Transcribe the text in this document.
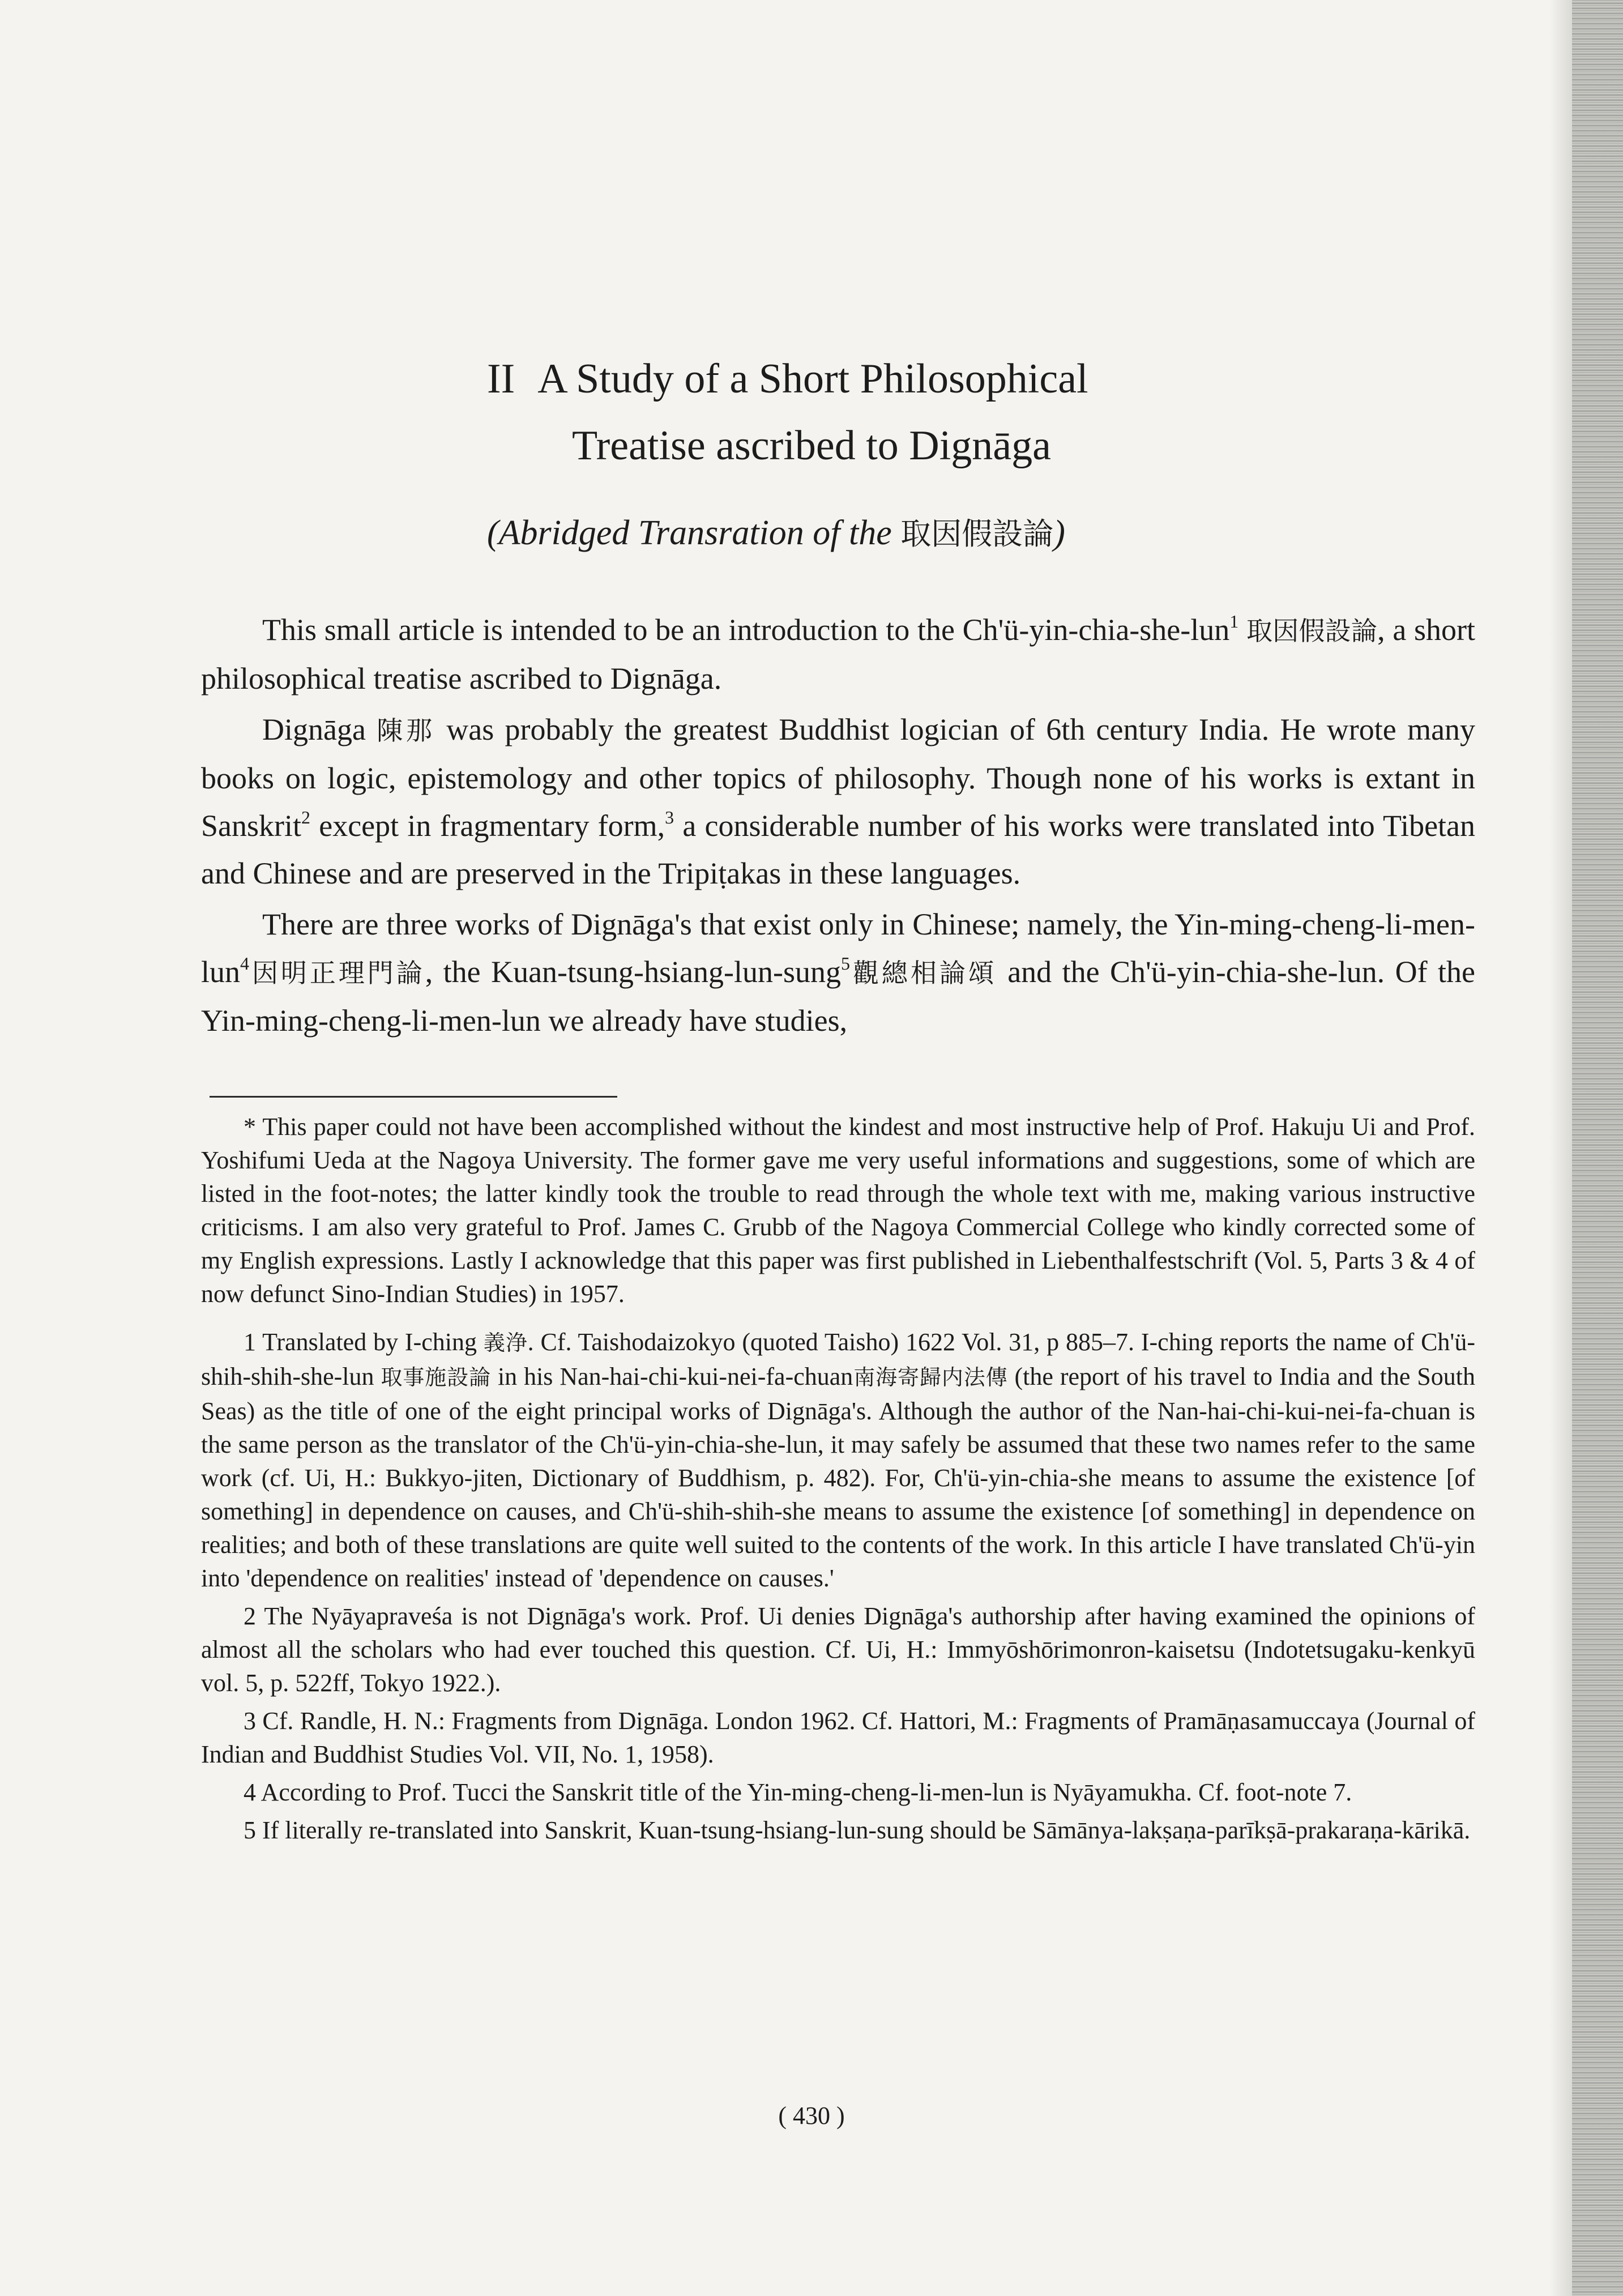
II A Study of a Short Philosophical
Treatise ascribed to Dignāga
(Abridged Transration of the 取因假設論)

This small article is intended to be an introduction to the Ch'ü-yin-chia-she-lun$^1$ 取因假設論, a short philosophical treatise ascribed to Dignāga.

Dignāga 陳那 was probably the greatest Buddhist logician of 6th century India. He wrote many books on logic, epistemology and other topics of philosophy. Though none of his works is extant in Sanskrit$^2$ except in fragmentary form,$^3$ a considerable number of his works were translated into Tibetan and Chinese and are preserved in the Tripiṭakas in these languages.

There are three works of Dignāga's that exist only in Chinese; namely, the Yin-ming-cheng-li-men-lun$^4$因明正理門論, the Kuan-tsung-hsiang-lun-sung$^5$觀總相論頌 and the Ch'ü-yin-chia-she-lun. Of the Yin-ming-cheng-li-men-lun we already have studies,

* This paper could not have been accomplished without the kindest and most instructive help of Prof. Hakuju Ui and Prof. Yoshifumi Ueda at the Nagoya University. The former gave me very useful informations and suggestions, some of which are listed in the foot-notes; the latter kindly took the trouble to read through the whole text with me, making various instructive criticisms. I am also very grateful to Prof. James C. Grubb of the Nagoya Commercial College who kindly corrected some of my English expressions. Lastly I acknowledge that this paper was first published in Liebenthalfestschrift (Vol. 5, Parts 3 & 4 of now defunct Sino-Indian Studies) in 1957.

1 Translated by I-ching 義浄. Cf. Taishodaizokyo (quoted Taisho) 1622 Vol. 31, p 885–7. I-ching reports the name of Ch'ü-shih-shih-she-lun 取事施設論 in his Nan-hai-chi-kui-nei-fa-chuan南海寄歸内法傳 (the report of his travel to India and the South Seas) as the title of one of the eight principal works of Dignāga's. Although the author of the Nan-hai-chi-kui-nei-fa-chuan is the same person as the translator of the Ch'ü-yin-chia-she-lun, it may safely be assumed that these two names refer to the same work (cf. Ui, H.: Bukkyo-jiten, Dictionary of Buddhism, p. 482). For, Ch'ü-yin-chia-she means to assume the existence [of something] in dependence on causes, and Ch'ü-shih-shih-she means to assume the existence [of something] in dependence on realities; and both of these translations are quite well suited to the contents of the work. In this article I have translated Ch'ü-yin into 'dependence on realities' instead of 'dependence on causes.'

2 The Nyāyapraveśa is not Dignāga's work. Prof. Ui denies Dignāga's authorship after having examined the opinions of almost all the scholars who had ever touched this question. Cf. Ui, H.: Immyōshōrimonron-kaisetsu (Indotetsugaku-kenkyū vol. 5, p. 522ff, Tokyo 1922.).

3 Cf. Randle, H. N.: Fragments from Dignāga. London 1962. Cf. Hattori, M.: Fragments of Pramāṇasamuccaya (Journal of Indian and Buddhist Studies Vol. VII, No. 1, 1958).

4 According to Prof. Tucci the Sanskrit title of the Yin-ming-cheng-li-men-lun is Nyāyamukha. Cf. foot-note 7.

5 If literally re-translated into Sanskrit, Kuan-tsung-hsiang-lun-sung should be Sāmānya-lakṣaṇa-parīkṣā-prakaraṇa-kārikā.

( 430 )
